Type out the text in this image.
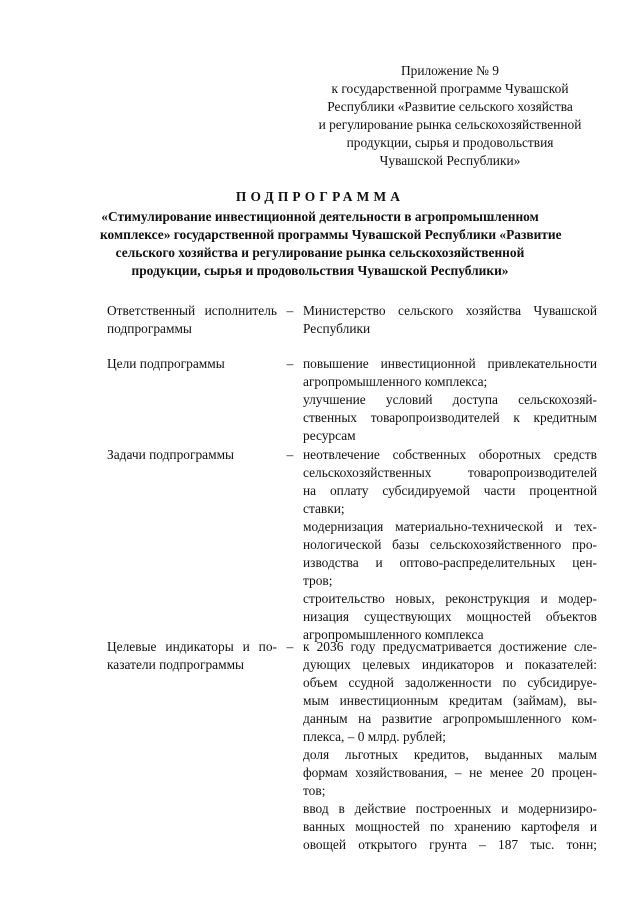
Приложение № 9
к государственной программе Чувашской
Республики «Развитие сельского хозяйства
и регулирование рынка сельскохозяйственной
продукции, сырья и продовольствия
Чувашской Республики»
ПОДПРОГРАММА
«Стимулирование инвестиционной деятельности в агропромышленном
комплексе» государственной программы Чувашской Республики «Развитие
сельского хозяйства и регулирование рынка сельскохозяйственной
продукции, сырья и продовольствия Чувашской Республики»
Ответственный исполнитель
подпрограммы
– Министерство сельского хозяйства Чувашской
Республики
Цели подпрограммы	– повышение инвестиционной привлекательности
агропромышленного комплекса;
улучшение условий доступа сельскохозяй-
ственных товаропроизводителей к кредитным
ресурсам
Задачи подпрограммы	– неотвлечение собственных оборотных средств
сельскохозяйственных товаропроизводителей
на оплату субсидируемой части процентной
ставки;
модернизация материально-технической и тех-
нологической базы сельскохозяйственного про-
изводства и оптово-распределительных цен-
тров;
строительство новых, реконструкция и модер-
низация существующих мощностей объектов
агропромышленного комплекса
Целевые индикаторы и по-
казатели подпрограммы
– к 2036 году предусматривается достижение сле-
дующих целевых индикаторов и показателей:
объем ссудной задолженности по субсидируе-
мым инвестиционным кредитам (займам), вы-
данным на развитие агропромышленного ком-
плекса, – 0 млрд. рублей;
доля льготных кредитов, выданных малым
формам хозяйствования, – не менее 20 процен-
тов;
ввод в действие построенных и модернизиро-
ванных мощностей по хранению картофеля и
овощей открытого грунта – 187 тыс. тонн;
